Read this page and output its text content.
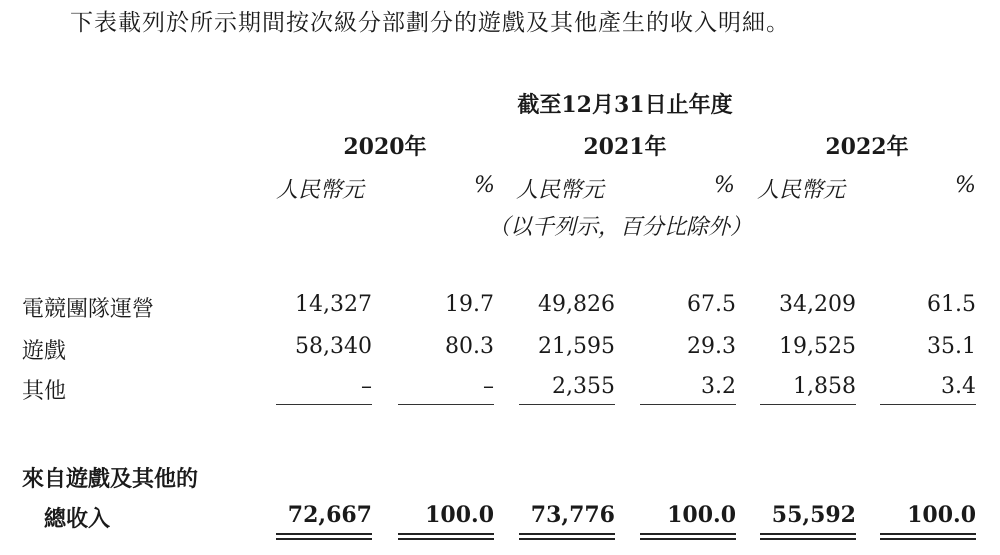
下表載列於所示期間按次級分部劃分的遊戲及其他產生的收入明細。
截至12月31日止年度
2020年	2021年	2022年
人民幣元	% 人民幣元	% 人民幣元	%
（以千列示，百分比除外）
電競團隊運營	14,327	19.7	49,826	67.5	34,209	61.5
遊戲	58,340	80.3	21,595	29.3	19,525	35.1
其他	–	–	2,355	3.2	1,858	3.4
來自遊戲及其他的
總收入	72,667	100.0	73,776	100.0	55,592	100.0
